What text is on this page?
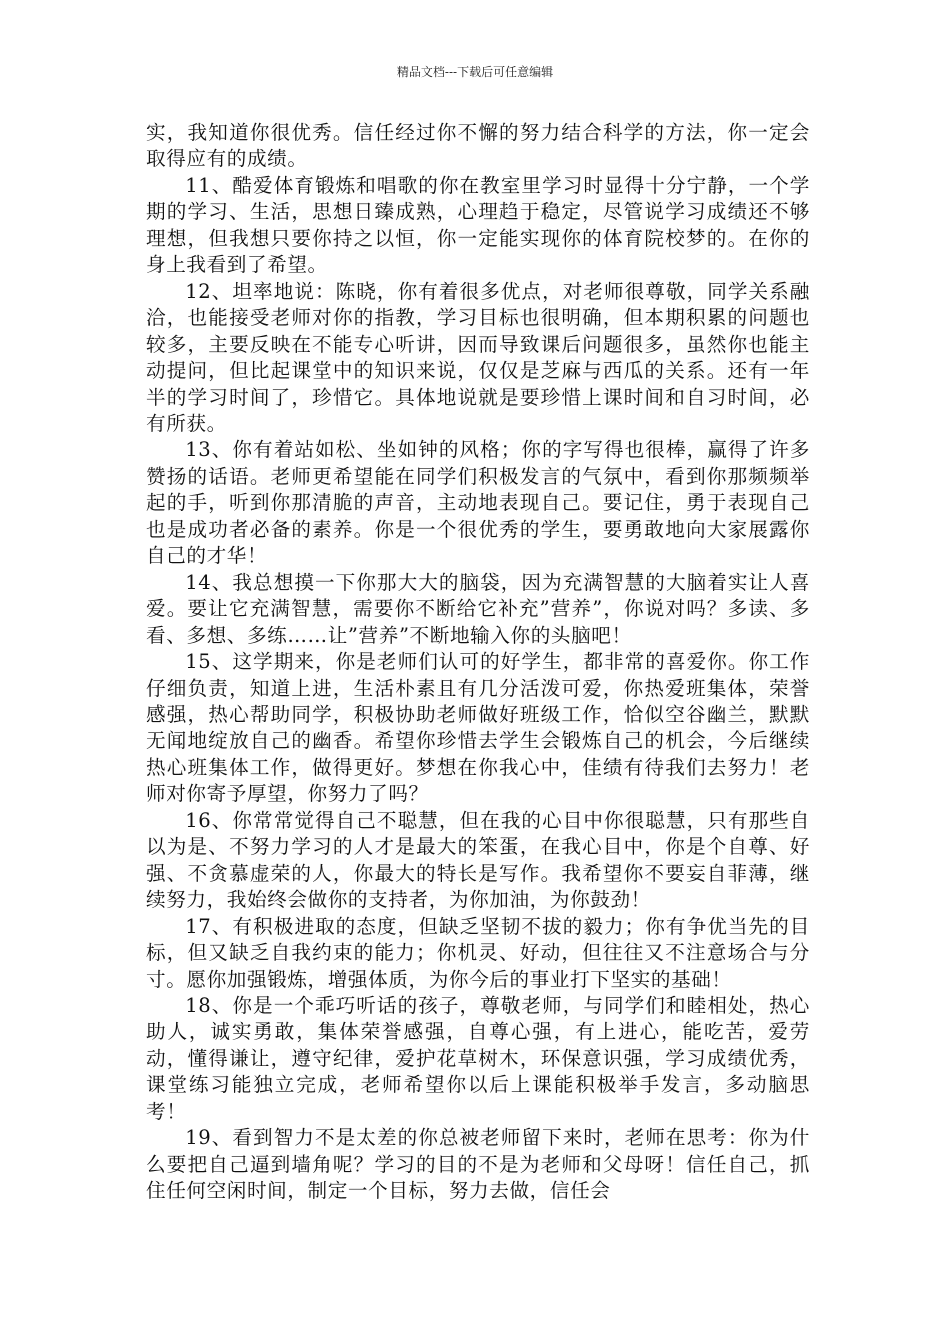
精品文档---下载后可任意编辑

实，我知道你很优秀。信任经过你不懈的努力结合科学的方法，你一定会取得应有的成绩。

11、酷爱体育锻炼和唱歌的你在教室里学习时显得十分宁静，一个学期的学习、生活，思想日臻成熟，心理趋于稳定，尽管说学习成绩还不够理想，但我想只要你持之以恒，你一定能实现你的体育院校梦的。在你的身上我看到了希望。

12、坦率地说：陈晓，你有着很多优点，对老师很尊敬，同学关系融洽，也能接受老师对你的指教，学习目标也很明确，但本期积累的问题也较多，主要反映在不能专心听讲，因而导致课后问题很多，虽然你也能主动提问，但比起课堂中的知识来说，仅仅是芝麻与西瓜的关系。还有一年半的学习时间了，珍惜它。具体地说就是要珍惜上课时间和自习时间，必有所获。

13、你有着站如松、坐如钟的风格；你的字写得也很棒，赢得了许多赞扬的话语。老师更希望能在同学们积极发言的气氛中，看到你那频频举起的手，听到你那清脆的声音，主动地表现自己。要记住，勇于表现自己也是成功者必备的素养。你是一个很优秀的学生，要勇敢地向大家展露你自己的才华！

14、我总想摸一下你那大大的脑袋，因为充满智慧的大脑着实让人喜爱。要让它充满智慧，需要你不断给它补充”营养”，你说对吗？多读、多看、多想、多练……让”营养”不断地输入你的头脑吧！

15、这学期来，你是老师们认可的好学生，都非常的喜爱你。你工作仔细负责，知道上进，生活朴素且有几分活泼可爱，你热爱班集体，荣誉感强，热心帮助同学，积极协助老师做好班级工作，恰似空谷幽兰，默默无闻地绽放自己的幽香。希望你珍惜去学生会锻炼自己的机会，今后继续热心班集体工作，做得更好。梦想在你我心中，佳绩有待我们去努力！老师对你寄予厚望，你努力了吗？

16、你常常觉得自己不聪慧，但在我的心目中你很聪慧，只有那些自以为是、不努力学习的人才是最大的笨蛋，在我心目中，你是个自尊、好强、不贪慕虚荣的人，你最大的特长是写作。我希望你不要妄自菲薄，继续努力，我始终会做你的支持者，为你加油，为你鼓劲！

17、有积极进取的态度，但缺乏坚韧不拔的毅力；你有争优当先的目标，但又缺乏自我约束的能力；你机灵、好动，但往往又不注意场合与分寸。愿你加强锻炼，增强体质，为你今后的事业打下坚实的基础！

18、你是一个乖巧听话的孩子，尊敬老师，与同学们和睦相处，热心助人，诚实勇敢，集体荣誉感强，自尊心强，有上进心，能吃苦，爱劳动，懂得谦让，遵守纪律，爱护花草树木，环保意识强，学习成绩优秀，课堂练习能独立完成，老师希望你以后上课能积极举手发言，多动脑思考！

19、看到智力不是太差的你总被老师留下来时，老师在思考：你为什么要把自己逼到墙角呢？学习的目的不是为老师和父母呀！信任自己，抓住任何空闲时间，制定一个目标，努力去做，信任会
